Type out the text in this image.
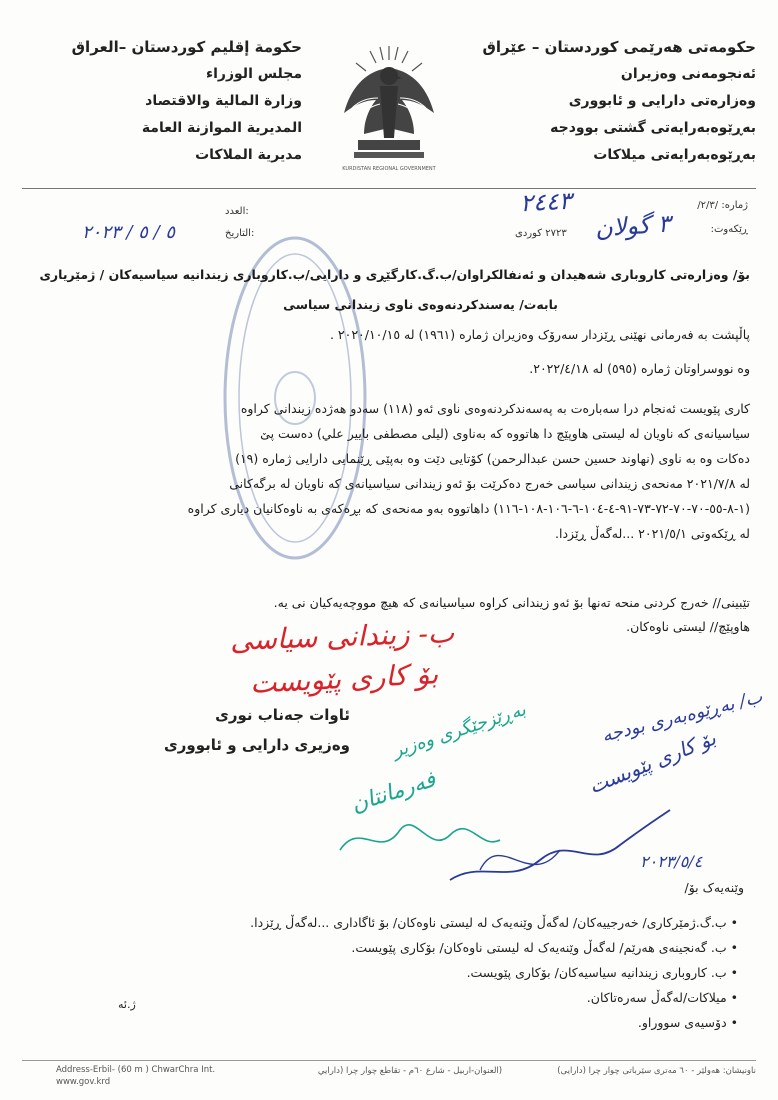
حکومەتی هەرێمی کوردستان – عێراق
ئەنجومەنی وەزیران
وەزارەتی دارایی و ئابووری
بەڕێوەبەرایەتی گشتی بوودجە
بەڕێوەبەرایەتی میلاکات
حكومة إقليم كوردستان –العراق
مجلس الوزراء
وزارة المالية والاقتصاد
المديرية الموازنة العامة
مديرية الملاكات
KURDISTAN REGIONAL GOVERNMENT
ژمارە: /٢/٣/
٢٤٤٣
ڕێکەوت:
٣ گولان
٢٧٢٣ کوردی
العدد:
التاريخ:
٥ / ٥ / ٢٠٢٣
بۆ/ وەزارەتی کاروباری شەهیدان و ئەنفالکراوان/ب.گ.کارگێڕی و دارایی/ب.کاروباری زیندانیە سیاسیەکان / ژمێریاری
بابەت/ یەسندکردنەوەی ناوی زیندانی سیاسی
پاڵپشت بە فەرمانی نهێنی ڕێزدار سەرۆک وەزیران ژمارە (١٩٦١) لە ٢٠٢٠/١٠/١٥ .
وە نووسراوتان ژمارە (٥٩٥) لە ٢٠٢٢/٤/١٨.
کاری پێویست ئەنجام درا سەبارەت بە پەسەندکردنەوەی ناوی ئەو (١١٨) سەدو هەژدە زیندانی کراوە
سیاسیانەی کە ناویان لە لیستی هاوپێچ دا هاتووە کە بەناوی (ليلى مصطفى بايير علي) دەست پێ
دەکات وە بە ناوی (نهاوند حسين حسن عبدالرحمن) کۆتایی دێت وە بەپێی ڕێنمایی دارایی ژمارە (١٩)
لە ٢٠٢١/٧/٨ مەنحەی زیندانی سیاسی خەرج دەکرێت بۆ ئەو زیندانی سیاسیانەی کە ناویان لە برگەکانی
(١-٨-٥٥-٧٠-٧٠-٧٢-٧٣-٩١-٤-١٠٤-٦-١٠٦-١٠٨-١١٦) داهاتووە بەو مەنحەی کە بڕەکەی بە ناوەکانیان دیاری کراوە
لە ڕێکەوتی ٢٠٢١/٥/١ ...لەگەڵ ڕێزدا.
تێبینی// خەرج کردنی منحە تەنها بۆ ئەو زیندانی کراوە سیاسیانەی کە هیچ مووچەیەکیان نی یە.
هاوپێچ// لیستی ناوەکان.
ب- زیندانی سیاسی
بۆ کاری پێویست
ئاوات جەناب نوری
وەزیری دارایی و ئابووری بەڕێزجێگری وەزیر
فەرمانتان
ب/ بەڕێوەبەری بودجە
بۆ کاری پێویست
٢٠٢٣/٥/٤
وێنەیەک بۆ/
• ب.گ.ژمێرکاری/ خەرجییەکان/ لەگەڵ وێنەیەک لە لیستی ناوەکان/ بۆ ئاگاداری ...لەگەڵ ڕێزدا.
• ب. گەنجینەی هەرێم/ لەگەڵ وێنەیەک لە لیستی ناوەکان/ بۆکاری پێویست.
• ب. کاروباری زیندانیە سیاسیەکان/ بۆکاری پێویست.
• میلاکات/لەگەڵ سەرەتاکان.
• دۆسیەی سووراو.
ژ.ئه
Address-Erbil- (60 m ) ChwarChra Int.
www.gov.krd
(العنوان-اربيل - شارع ٦٠م - تقاطع چوار چرا (دارايي	ناونیشان: هەولێر - ٦٠ مەتری سێرباتی چوار چرا (دارایی)
